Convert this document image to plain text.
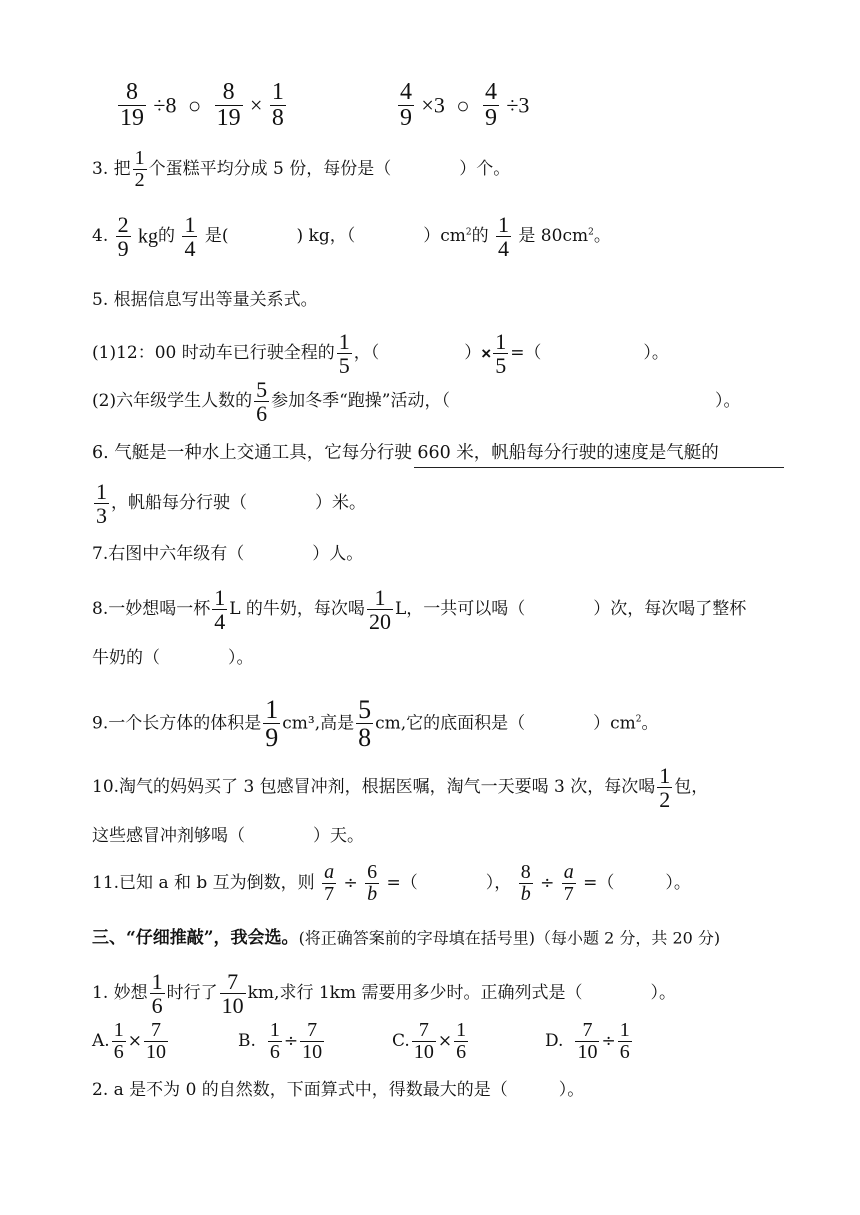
$\frac{8}{19} \div 8$ ○ $\frac{8}{19} \times \frac{1}{8}$	$\frac{4}{9} \times 3$ ○ $\frac{4}{9} \div 3$
3. 把 $\frac{1}{2}$ 个蛋糕平均分成 5 份，每份是（　　　　）个。
4. $\frac{2}{9}$ kg的 $\frac{1}{4}$ 是(　　　　) kg，（　　　　）$cm^2$的 $\frac{1}{4}$ 是 $80cm^2$。
5. 根据信息写出等量关系式。
(1)12：00 时动车已行驶全程的 $\frac{1}{5}$ ，（　　　　　）× $\frac{1}{5}$ =（　　　　　　）。
(2)六年级学生人数的 $\frac{5}{6}$ 参加冬季“跑操”活动，（	）。
6. 气艇是一种水上交通工具，它每分行驶 660 米，帆船每分行驶的速度是气艇的
$\frac{1}{3}$ ，帆船每分行驶（　　　　）米。
7.右图中六年级有（　　　　）人。
8.一妙想喝一杯 $\frac{1}{4}$ L 的牛奶，每次喝 $\frac{1}{20}$ L，一共可以喝（　　　　）次，每次喝了整杯
牛奶的（　　　　）。
9.一个长方体的体积是 $\frac{1}{9} cm^3$,高是 $\frac{5}{8}$ cm,它的底面积是（　　　　）$cm^2$。
10.淘气的妈妈买了 3 包感冒冲剂，根据医嘱，淘气一天要喝 3 次，每次喝 $\frac{1}{2}$ 包，
这些感冒冲剂够喝（　　　　）天。
11.已知 a 和 b 互为倒数，则 $\frac{a}{7} \div \frac{6}{b}$ =（　　　　）， $\frac{8}{b} \div \frac{a}{7}$ =（　　　）。
三、“仔细推敲”，我会选。(将正确答案前的字母填在括号里)（每小题 2 分，共 20 分)
1. 妙想 $\frac{1}{6}$ 时行了 $\frac{7}{10}$ km,求行 1km 需要用多少时。正确列式是（　　　　）。
A. $\frac{1}{6} \times \frac{7}{10}$	B. $\frac{1}{6} \div \frac{7}{10}$	C. $\frac{7}{10} \times \frac{1}{6}$	D. $\frac{7}{10} \div \frac{1}{6}$
2. a 是不为 0 的自然数，下面算式中，得数最大的是（　　　）。
